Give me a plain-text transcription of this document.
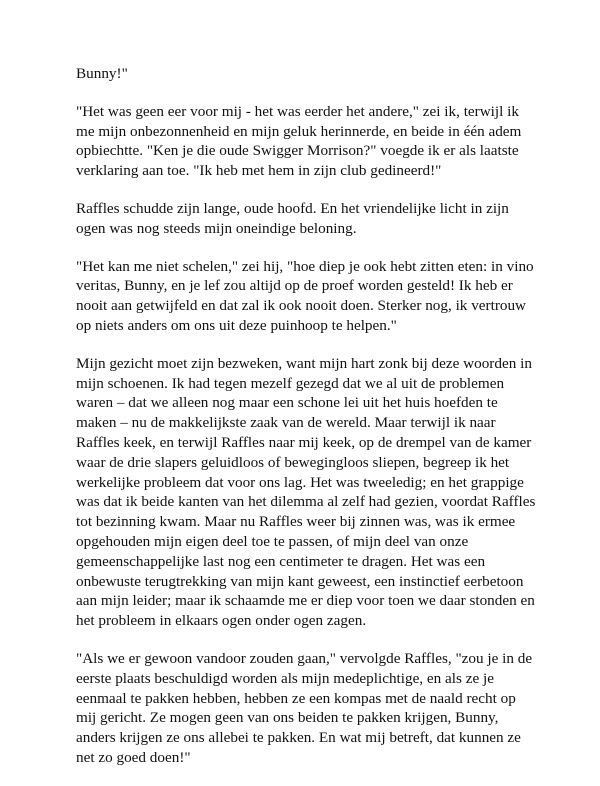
Bunny!"

"Het was geen eer voor mij - het was eerder het andere," zei ik, terwijl ik
me mijn onbezonnenheid en mijn geluk herinnerde, en beide in één adem
opbiechtte. "Ken je die oude Swigger Morrison?" voegde ik er als laatste
verklaring aan toe. "Ik heb met hem in zijn club gedineerd!"

Raffles schudde zijn lange, oude hoofd. En het vriendelijke licht in zijn
ogen was nog steeds mijn oneindige beloning.

"Het kan me niet schelen," zei hij, "hoe diep je ook hebt zitten eten: in vino
veritas, Bunny, en je lef zou altijd op de proef worden gesteld! Ik heb er
nooit aan getwijfeld en dat zal ik ook nooit doen. Sterker nog, ik vertrouw
op niets anders om ons uit deze puinhoop te helpen."

Mijn gezicht moet zijn bezweken, want mijn hart zonk bij deze woorden in
mijn schoenen. Ik had tegen mezelf gezegd dat we al uit de problemen
waren – dat we alleen nog maar een schone lei uit het huis hoefden te
maken – nu de makkelijkste zaak van de wereld. Maar terwijl ik naar
Raffles keek, en terwijl Raffles naar mij keek, op de drempel van de kamer
waar de drie slapers geluidloos of bewegingloos sliepen, begreep ik het
werkelijke probleem dat voor ons lag. Het was tweeledig; en het grappige
was dat ik beide kanten van het dilemma al zelf had gezien, voordat Raffles
tot bezinning kwam. Maar nu Raffles weer bij zinnen was, was ik ermee
opgehouden mijn eigen deel toe te passen, of mijn deel van onze
gemeenschappelijke last nog een centimeter te dragen. Het was een
onbewuste terugtrekking van mijn kant geweest, een instinctief eerbetoon
aan mijn leider; maar ik schaamde me er diep voor toen we daar stonden en
het probleem in elkaars ogen onder ogen zagen.

"Als we er gewoon vandoor zouden gaan," vervolgde Raffles, "zou je in de
eerste plaats beschuldigd worden als mijn medeplichtige, en als ze je
eenmaal te pakken hebben, hebben ze een kompas met de naald recht op
mij gericht. Ze mogen geen van ons beiden te pakken krijgen, Bunny,
anders krijgen ze ons allebei te pakken. En wat mij betreft, dat kunnen ze
net zo goed doen!"
